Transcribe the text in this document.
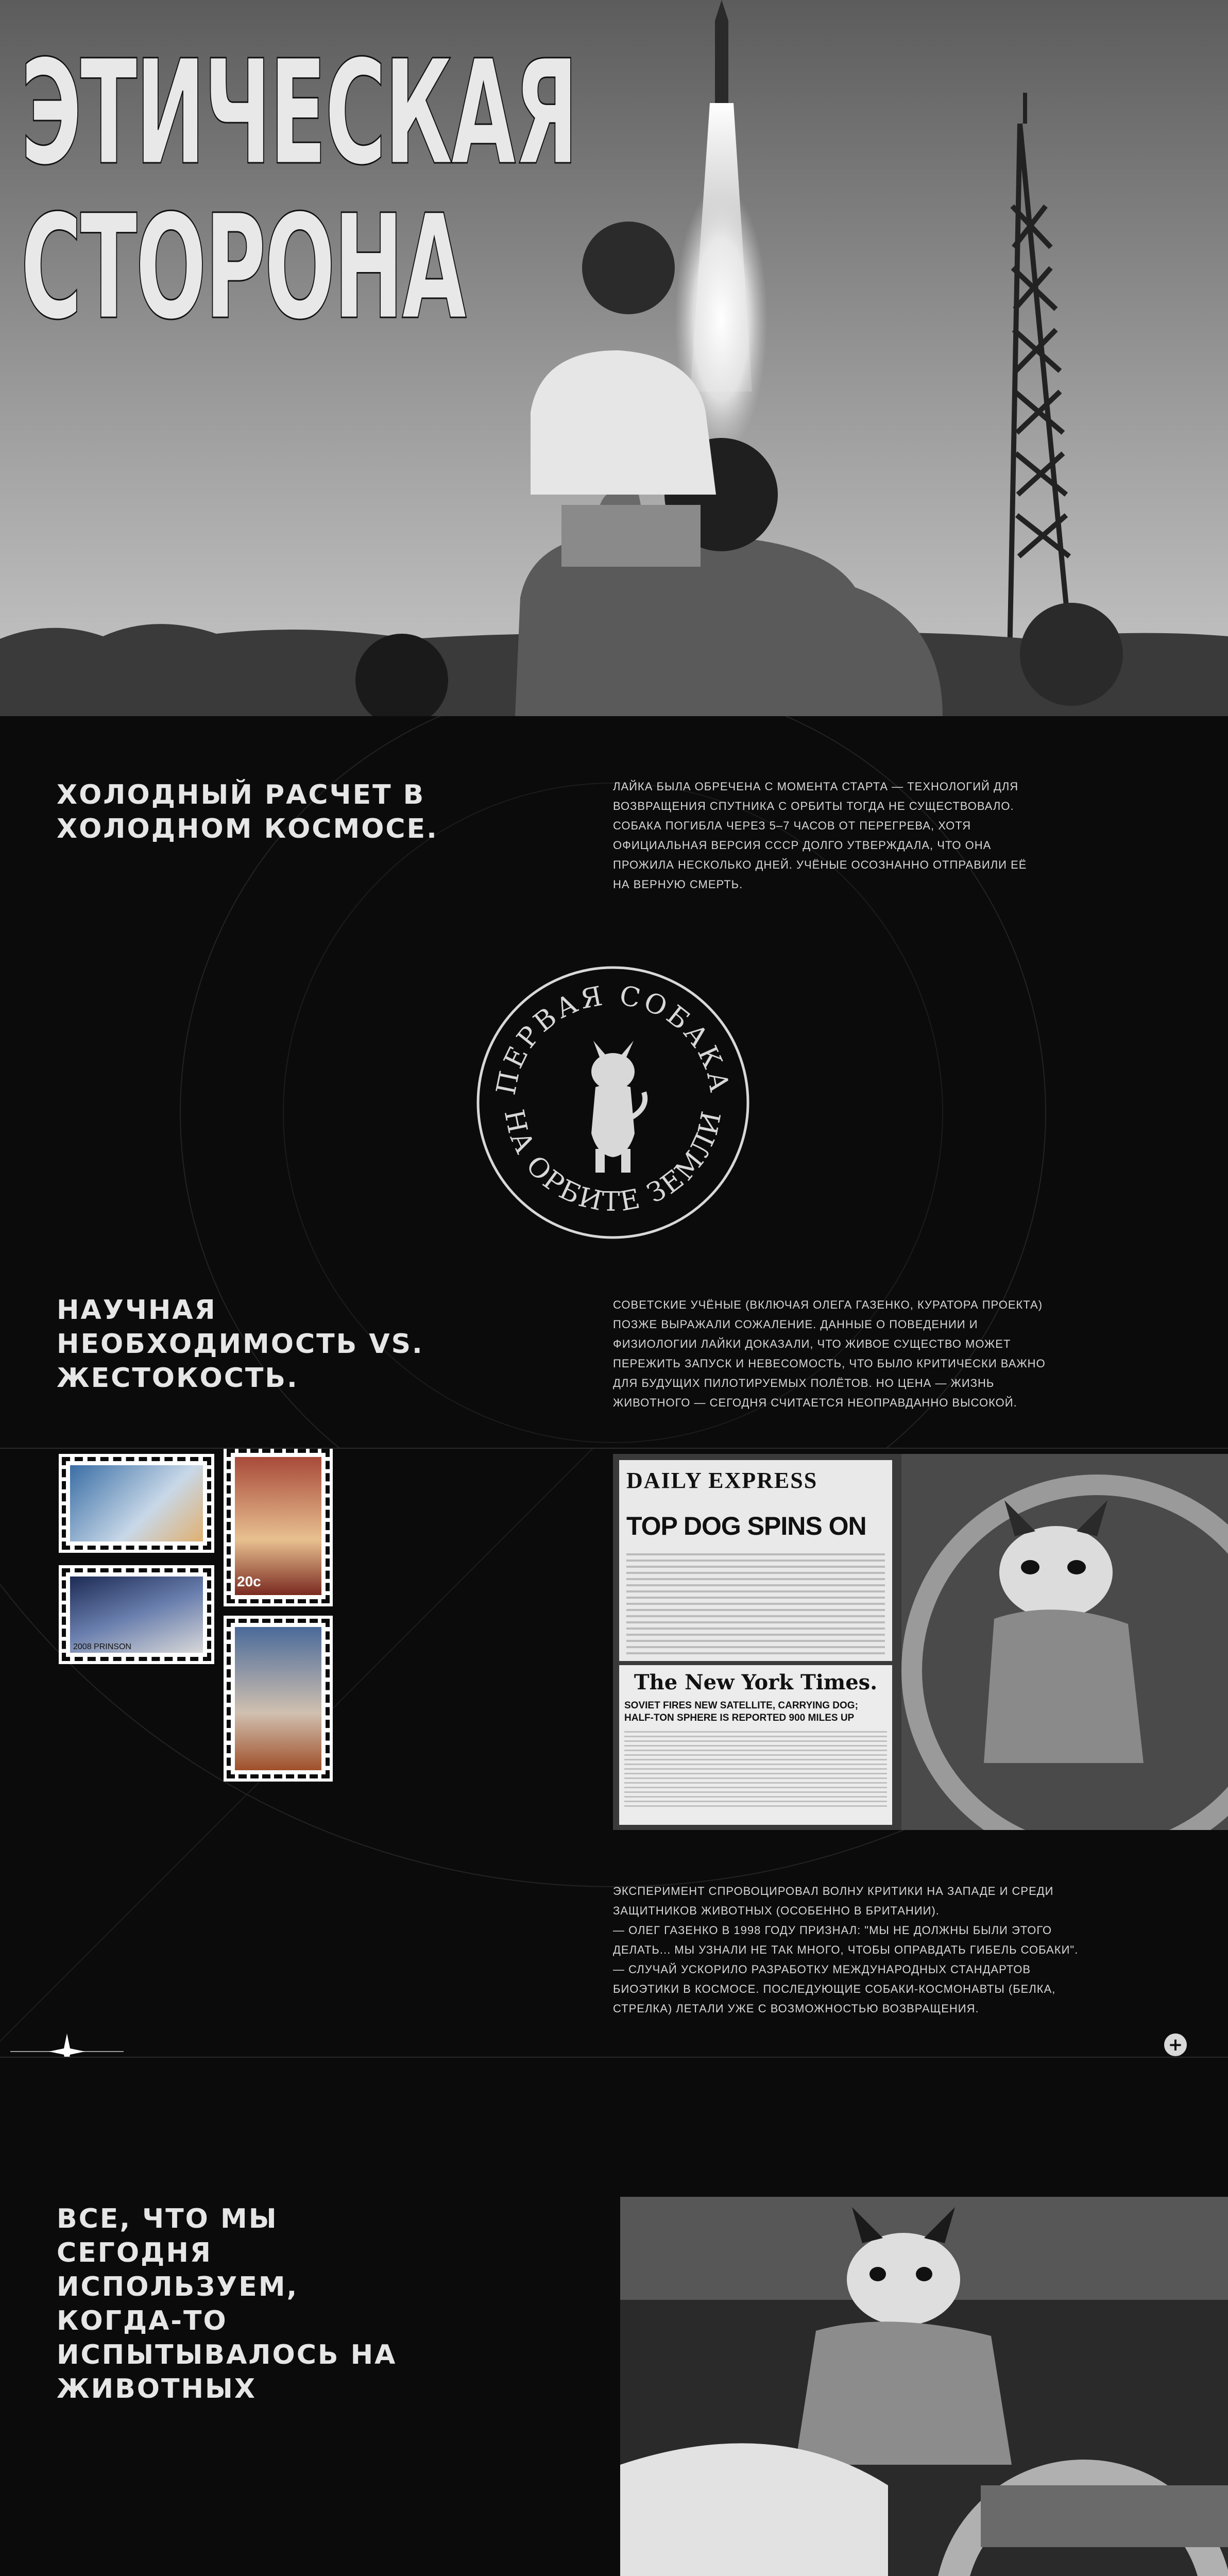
ЭТИЧЕСКАЯ
СТОРОНА
ХОЛОДНЫЙ РАСЧЕТ В ХОЛОДНОМ КОСМОСЕ.
ЛАЙКА БЫЛА ОБРЕЧЕНА С МОМЕНТА СТАРТА — ТЕХНОЛОГИЙ ДЛЯ
ВОЗВРАЩЕНИЯ СПУТНИКА С ОРБИТЫ ТОГДА НЕ СУЩЕСТВОВАЛО.
СОБАКА ПОГИБЛА ЧЕРЕЗ 5–7 ЧАСОВ ОТ ПЕРЕГРЕВА, ХОТЯ
ОФИЦИАЛЬНАЯ ВЕРСИЯ СССР ДОЛГО УТВЕРЖДАЛА, ЧТО ОНА
ПРОЖИЛА НЕСКОЛЬКО ДНЕЙ. УЧЁНЫЕ ОСОЗНАННО ОТПРАВИЛИ ЕЁ
НА ВЕРНУЮ СМЕРТЬ.
ПЕРВАЯ СОБАКА
НА ОРБИТЕ ЗЕМЛИ
НАУЧНАЯ НЕОБХОДИМОСТЬ VS. ЖЕСТОКОСТЬ.
СОВЕТСКИЕ УЧЁНЫЕ (ВКЛЮЧАЯ ОЛЕГА ГАЗЕНКО, КУРАТОРА ПРОЕКТА)
ПОЗЖЕ ВЫРАЖАЛИ СОЖАЛЕНИЕ. ДАННЫЕ О ПОВЕДЕНИИ И
ФИЗИОЛОГИИ ЛАЙКИ ДОКАЗАЛИ, ЧТО ЖИВОЕ СУЩЕСТВО МОЖЕТ
ПЕРЕЖИТЬ ЗАПУСК И НЕВЕСОМОСТЬ, ЧТО БЫЛО КРИТИЧЕСКИ ВАЖНО
ДЛЯ БУДУЩИХ ПИЛОТИРУЕМЫХ ПОЛЁТОВ. НО ЦЕНА — ЖИЗНЬ
ЖИВОТНОГО — СЕГОДНЯ СЧИТАЕТСЯ НЕОПРАВДАННО ВЫСОКОЙ.
2008 PRINSON
20c
DAILY EXPRESS
TOP DOG SPINS ON
The New York Times.
SOVIET FIRES NEW SATELLITE, CARRYING DOG; HALF-TON SPHERE IS REPORTED 900 MILES UP
ЭКСПЕРИМЕНТ СПРОВОЦИРОВАЛ ВОЛНУ КРИТИКИ НА ЗАПАДЕ И СРЕДИ
ЗАЩИТНИКОВ ЖИВОТНЫХ (ОСОБЕННО В БРИТАНИИ).
— ОЛЕГ ГАЗЕНКО В 1998 ГОДУ ПРИЗНАЛ: "МЫ НЕ ДОЛЖНЫ БЫЛИ ЭТОГО
ДЕЛАТЬ... МЫ УЗНАЛИ НЕ ТАК МНОГО, ЧТОБЫ ОПРАВДАТЬ ГИБЕЛЬ СОБАКИ".
— СЛУЧАЙ УСКОРИЛО РАЗРАБОТКУ МЕЖДУНАРОДНЫХ СТАНДАРТОВ
БИОЭТИКИ В КОСМОСЕ. ПОСЛЕДУЮЩИЕ СОБАКИ-КОСМОНАВТЫ (БЕЛКА,
СТРЕЛКА) ЛЕТАЛИ УЖЕ С ВОЗМОЖНОСТЬЮ ВОЗВРАЩЕНИЯ.
+
ВСЕ, ЧТО МЫ СЕГОДНЯ ИСПОЛЬЗУЕМ, КОГДА-ТО ИСПЫТЫВАЛОСЬ НА ЖИВОТНЫХ
